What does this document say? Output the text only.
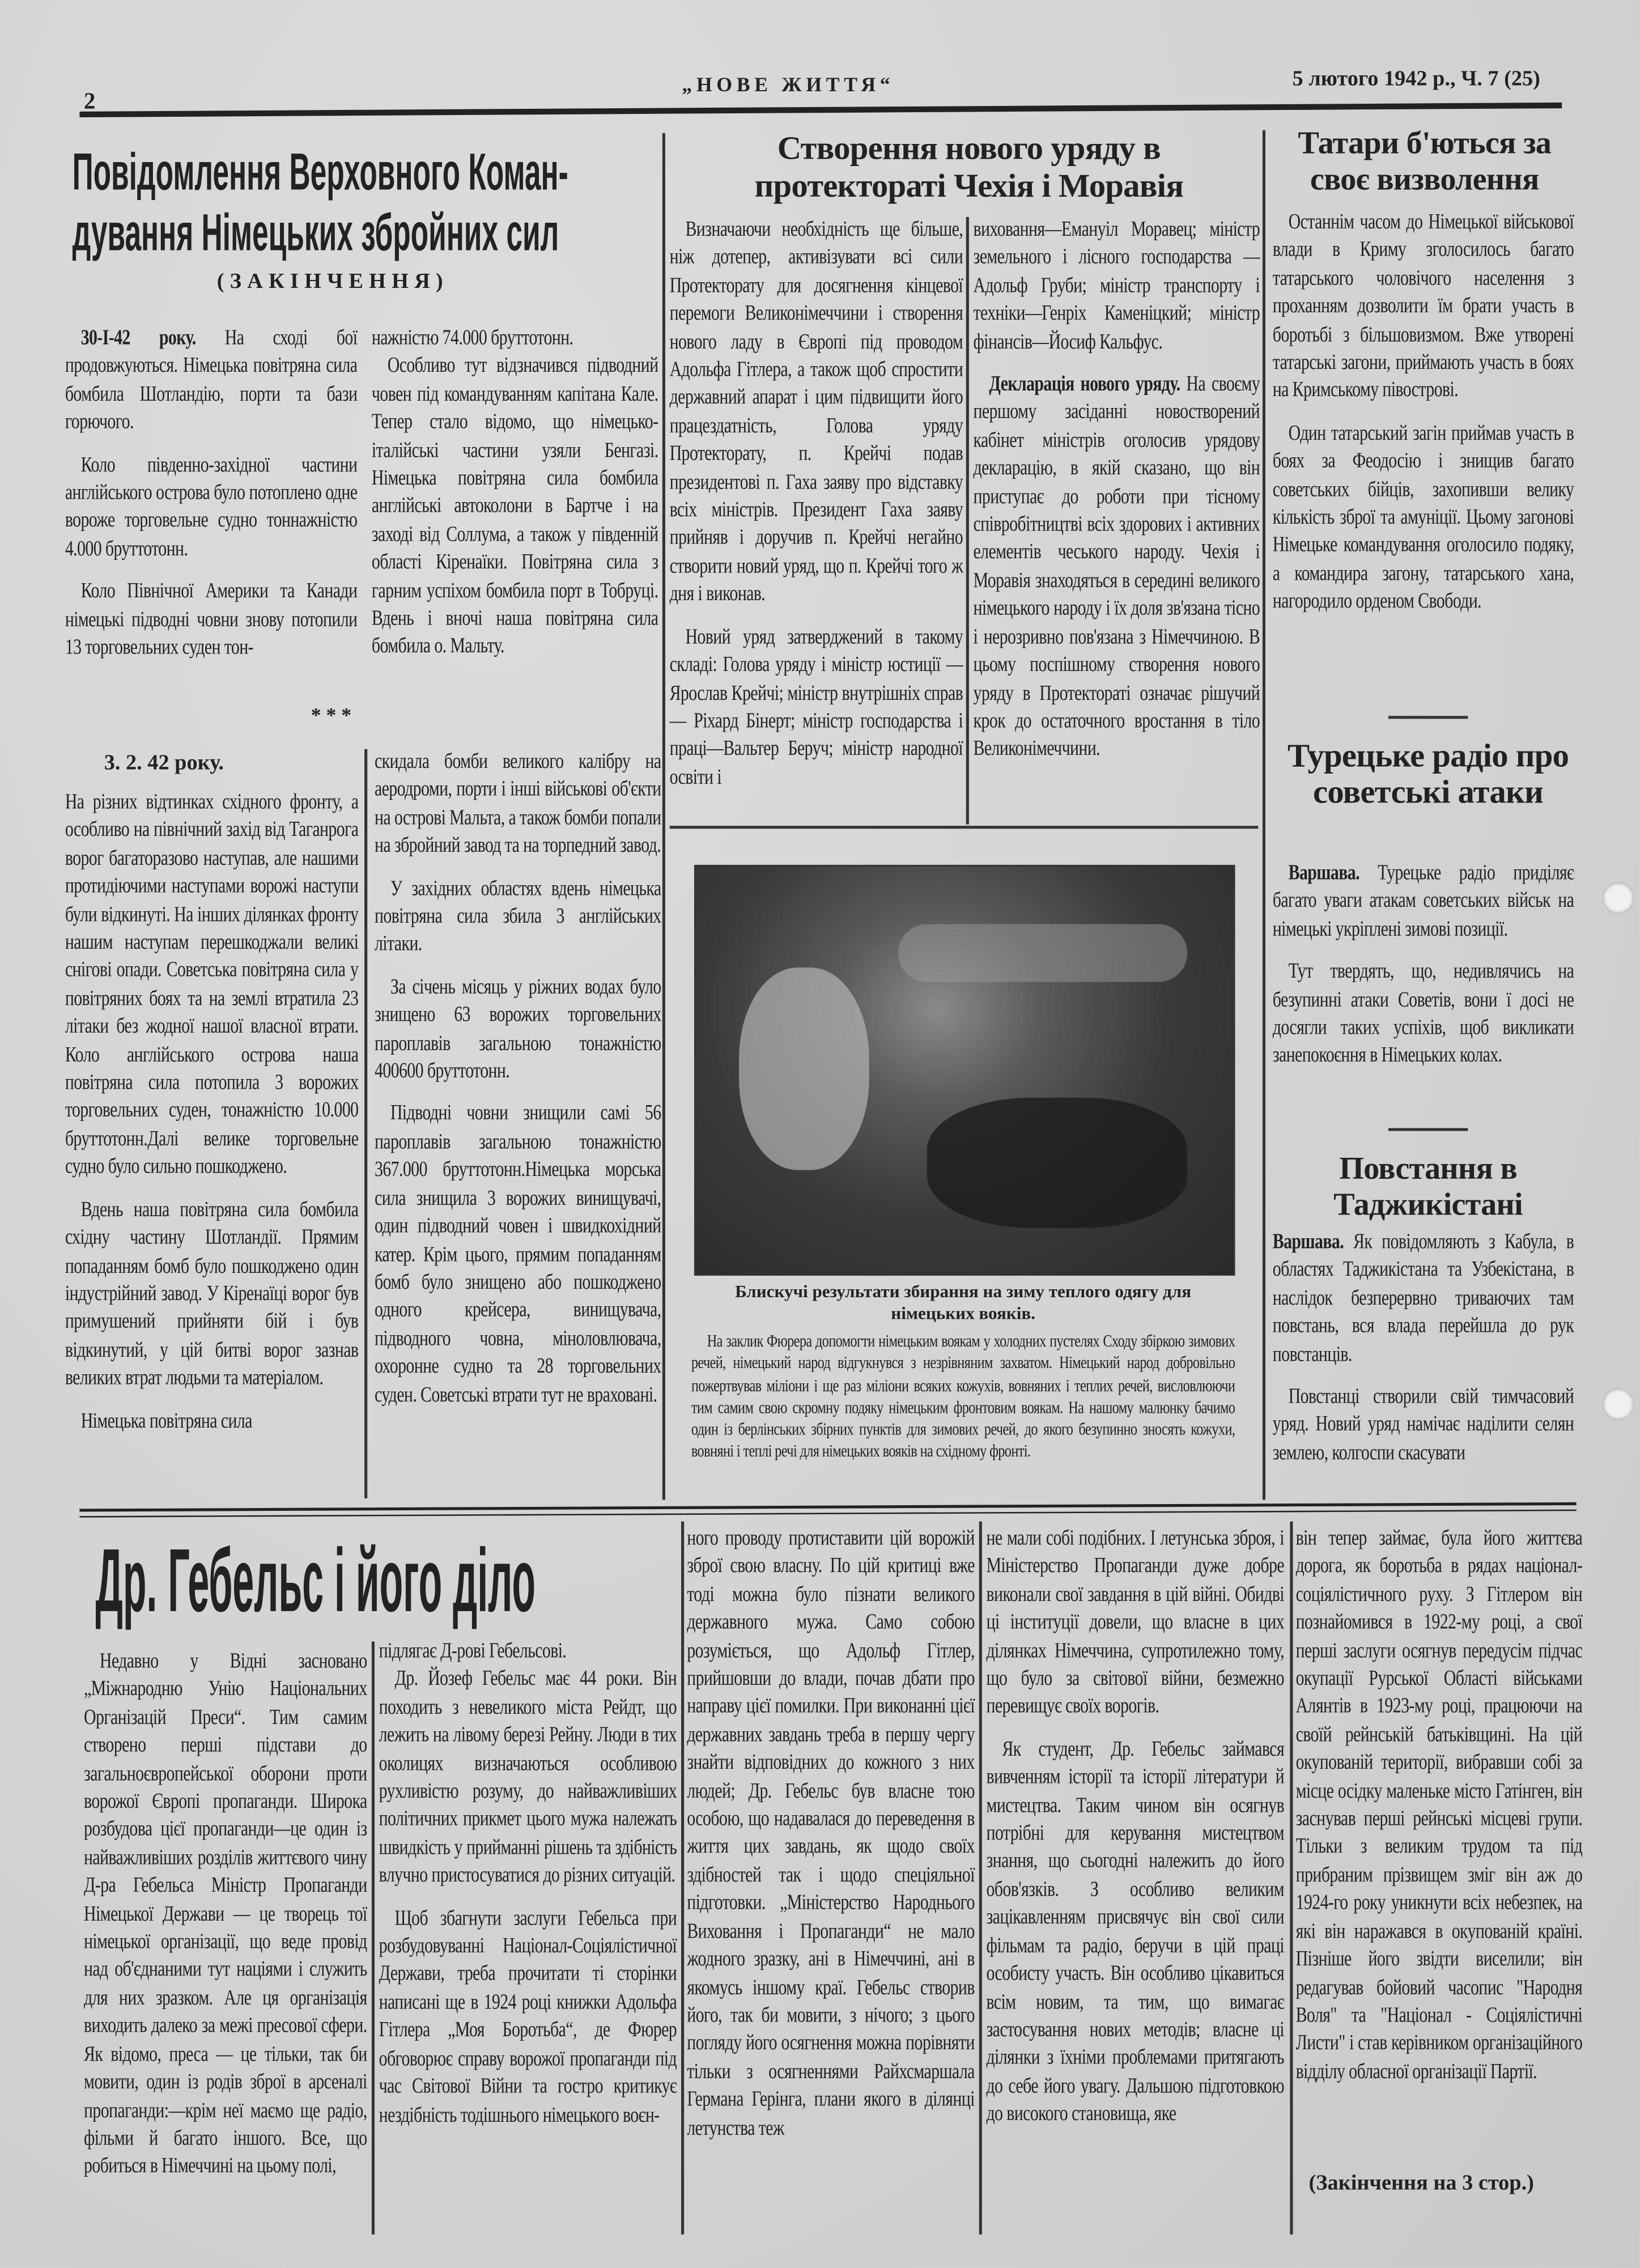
2
„НОВЕ ЖИТТЯ“	5 лютого 1942 р., Ч. 7 (25)
Повідомлення Верховного Коман-
дування Німецьких збройних сил
(ЗАКІНЧЕННЯ)

30-I-42 року.	На сході бої продовжуються. Німецька повітряна сила бомбила Шотландію, порти та бази горючого.

Коло південно-західної частини англійського острова було потоплено одне вороже торговельне судно тоннажністю 4.000 бруттотонн.

Коло Північної Америки та Канади німецькі підводні човни знову потопили 13 торговельних суден тон-

нажністю 74.000 бруттотонн.

Особливо тут відзначився підводний човен під командуванням капітана Кале. Тепер стало відомо, що німецько-італійські частини узяли Бенгазі. Німецька повітряна сила бомбила англійські автоколони в Бартче і на заході від Соллума, а також у південній області Кіренаїки. Повітряна сила з гарним успіхом бомбила порт в Тобруці. Вдень і вночі наша повітряна сила бомбила о. Мальту.

* * *
3. 2. 42 року.

На різних відтинках східного фронту, а особливо на північний захід від Таганрога ворог багаторазово наступав, але нашими протидіючими наступами ворожі наступи були відкинуті. На інших ділянках фронту нашим наступам перешкоджали великі снігові опади. Советська повітряна сила у повітряних боях та на землі втратила 23 літаки без жодної нашої власної втрати. Коло англійського острова наша повітряна сила потопила 3 ворожих торговельних суден, тонажністю 10.000 бруттотонн.Далі велике торговельне судно було сильно пошкоджено.

Вдень наша повітряна сила бомбила східну частину Шотландії. Прямим попаданням бомб було пошкоджено один індустрійний завод. У Кіренаїці ворог був примушений прийняти бій і був відкинутий, у цій битві ворог зазнав великих втрат людьми та матеріалом.

Німецька повітряна сила

скидала бомби великого калібру на аеродроми, порти і інші військові об'єкти на острові Мальта, а також бомби попали на збройний завод та на торпедний завод.

У західних областях вдень німецька повітряна сила збила 3 англійських літаки.

За січень місяць у ріжних водах було знищено 63 ворожих торговельних пароплавів загальною тонажністю 400600 бруттотонн.

Підводні човни знищили самі 56 пароплавів загальною тонажністю 367.000 бруттотонн.Німецька морська сила знищила 3 ворожих винищувачі, один підводний човен і швидкохідний катер. Крім цього, прямим попаданням бомб було знищено або пошкоджено одного крейсера, винищувача, підводного човна, міноловлювача, охоронне судно та 28 торговельних суден. Советські втрати тут не враховані.

Створення нового уряду в протектораті Чехія і Моравія

Визначаючи необхідність ще більше, ніж дотепер, активізувати всі сили Протекторату для досягнення кінцевої перемоги Великонімеччини і створення нового ладу в Європі під проводом Адольфа Гітлера, а також щоб спростити державний апарат і цим підвищити його працездатність, Голова уряду Протекторату, п. Крейчі подав президентові п. Гаха заяву про відставку всіх міністрів. Президент Гаха заяву прийняв і доручив п. Крейчі негайно створити новий уряд, що п. Крейчі того ж дня і виконав.

Новий уряд затверджений в такому складі: Голова уряду і міністр юстиції — Ярослав Крейчі; міністр внутрішніх справ — Ріхард Бінерт; міністр господарства і праці—Вальтер Беруч; міністр народної освіти і

виховання—Емануіл Моравец; міністр земельного і лісного господарства — Адольф Груби; міністр транспорту і техніки—Генріх Каменіцкий; міністр фінансів—Йосиф Кальфус.

Декларація нового уряду. На своєму першому засіданні новостворений кабінет міністрів оголосив урядову декларацію, в якій сказано, що він приступає до роботи при тісному співробітництві всіх здорових і активних елементів чеського народу. Чехія і Моравія знаходяться в середині великого німецького народу і їх доля зв'язана тісно і нерозривно пов'язана з Німеччиною. В цьому поспішному створення нового уряду в Протектораті означає рішучий крок до остаточного вростання в тіло Великонімеччини.

Блискучі результати збирання на зиму теплого одягу для німецьких вояків.

На заклик Фюрера допомогти німецьким воякам у холодних пустелях Сходу збіркою зимових речей, німецький народ відгукнувся з незрівняним захватом. Німецький народ добровільно пожертвував міліони і ще раз міліони всяких кожухів, вовняних і теплих речей, висловлюючи тим самим свою скромну подяку німецьким фронтовим воякам. На нашому малюнку бачимо один із берлінських збірних пунктів для зимових речей, до якого безупинно зносять кожухи, вовняні і теплі речі для німецьких вояків на східному фронті.

Татари б'ються за своє визволення

Останнім часом до Німецької військової влади в Криму зголосилось багато татарського чоловічого населення з проханням дозволити їм брати участь в боротьбі з більшовизмом. Вже утворені татарські загони, приймають участь в боях на Кримському півострові.

Один татарський загін приймав участь в боях за Феодосію і знищив багато советських бійців, захопивши велику кількість зброї та амуніції. Цьому загонові Німецьке командування оголосило подяку, а командира загону, татарського хана, нагородило орденом Свободи.

Турецьке радіо про советські атаки

Варшава. Турецьке радіо приділяє багато уваги атакам советських військ на німецькі укріплені зимові позиції.

Тут твердять, що, недивлячись на безупинні атаки Советів, вони ї досі не досягли таких успіхів, щоб викликати занепокоєння в Німецьких колах.

Повстання в Таджикістані

Варшава. Як повідомляють з Кабула, в областях Таджикістана та Узбекістана, в наслідок безперервно триваючих там повстань, вся влада перейшла до рук повстанців.

Повстанці створили свій тимчасовий уряд. Новий уряд намічає наділити селян землею, колгоспи скасувати

Др. Гебельс і його діло

Недавно у Відні засновано „Міжнародню Унію Національних Організацій Преси“. Тим самим створено перші підстави до загальноєвропейської оборони проти ворожої Європі пропаганди. Широка розбудова цієї пропаганди—це один із найважливіших розділів життєвого чину Д-ра Гебельса Міністр Пропаганди Німецької Держави — це творець тої німецької організації, що веде провід над об'єднаними тут націями і служить для них зразком. Але ця організація виходить далеко за межі пресової сфери. Як відомо, преса — це тільки, так би мовити, один із родів зброї в арсеналі пропаганди:—крім неї маємо ще радіо, фільми й багато іншого. Все, що робиться в Німеччині на цьому полі,

підлягає Д-рові Гебельсові.

Др. Йозеф Гебельс має 44 роки. Він походить з невеликого міста Рейдт, що лежить на лівому березі Рейну. Люди в тих околицях визначаються особливою рухливістю розуму, до найважливіших політичних прикмет цього мужа належать швидкість у прийманні рішень та здібність влучно пристосуватися до різних ситуацій.

Щоб збагнути заслуги Гебельса при розбудовуванні Націонал-Соціялістичної Держави, треба прочитати ті сторінки написані ще в 1924 році книжки Адольфа Гітлера „Моя Боротьба“, де Фюрер обговорює справу ворожої пропаганди під час Світової Війни та гостро критикує нездібність тодішнього німецького воєн-

ного проводу протиставити цій ворожій зброї свою власну. По цій критиці вже тоді можна було пізнати великого державного мужа. Само собою розуміється, що Адольф Гітлер, прийшовши до влади, почав дбати про направу цієї помилки. При виконанні цієї державних завдань треба в першу чергу знайти відповідних до кожного з них людей; Др. Гебельс був власне тою особою, що надавалася до переведення в життя цих завдань, як щодо своїх здібностей так і щодо спеціяльної підготовки. „Міністерство Народнього Виховання і Пропаганди“ не мало жодного зразку, ані в Німеччині, ані в якомусь іншому краї. Гебельс створив його, так би мовити, з нічого; з цього погляду його осягнення можна порівняти тільки з осягненнями Райхсмаршала Германа Герінга, плани якого в ділянці летунства теж

не мали собі подібних. І летунська зброя, і Міністерство Пропаганди дуже добре виконали свої завдання в цій війні. Обидві ці інституції довели, що власне в цих ділянках Німеччина, супротилежно тому, що було за світової війни, безмежно перевищує своїх ворогів.

Як студент, Др. Гебельс займався вивченням історії та історії літератури й мистецтва. Таким чином він осягнув потрібні для керування мистецтвом знання, що сьогодні належить до його обов'язків. З особливо великим зацікавленням присвячує він свої сили фільмам та радіо, беручи в цій праці особисту участь. Він особливо цікавиться всім новим, та тим, що вимагає застосування нових методів; власне ці ділянки з їхніми проблемами притягають до себе його увагу. Дальшою підготовкою до високого становища, яке

він тепер займає, була його життєва дорога, як боротьба в рядах націонал-соціялістичного руху. З Гітлером він познайомився в 1922-му році, а свої перші заслуги осягнув передусім підчас окупації Рурської Області військами Алянтів в 1923-му році, працюючи на своїй рейнській батьківщині. На цій окупованій території, вибравши собі за місце осідку маленьке місто Гатінген, він заснував перші рейнські місцеві групи. Тільки з великим трудом та під прибраним прізвищем зміг він аж до 1924-го року уникнути всіх небезпек, на які він наражався в окупованій країні. Пізніше його звідти виселили; він редагував бойовий часопис "Народня Воля" та "Націонал - Соціялістичні Листи" і став керівником організаційного відділу обласної організації Партії.

(Закінчення на 3 стор.)
